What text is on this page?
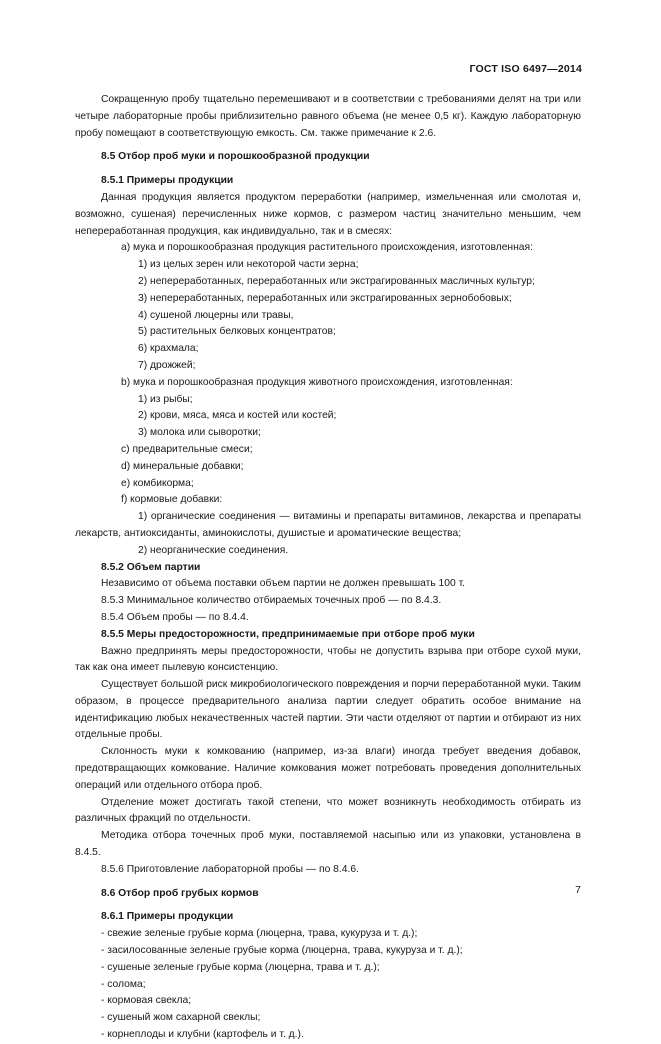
ГОСТ ISO 6497—2014

Сокращенную пробу тщательно перемешивают и в соответствии с требованиями делят на три или четыре лабораторные пробы приблизительно равного объема (не менее 0,5 кг). Каждую лабораторную пробу помещают в соответствующую емкость. См. также примечание к 2.6.

8.5 Отбор проб муки и порошкообразной продукции

8.5.1 Примеры продукции

Данная продукция является продуктом переработки (например, измельченная или смолотая и, возможно, сушеная) перечисленных ниже кормов, с размером частиц значительно меньшим, чем непереработанная продукция, как индивидуально, так и в смесях:

a) мука и порошкообразная продукция растительного происхождения, изготовленная:

1) из целых зерен или некоторой части зерна;

2) непереработанных, переработанных или экстрагированных масличных культур;

3) непереработанных, переработанных или экстрагированных зернобобовых;

4) сушеной люцерны или травы,

5) растительных белковых концентратов;

6) крахмала;

7) дрожжей;

b) мука и порошкообразная продукция животного происхождения, изготовленная:

1) из рыбы;

2) крови, мяса, мяса и костей или костей;

3) молока или сыворотки;

c) предварительные смеси;

d) минеральные добавки;

e) комбикорма;

f) кормовые добавки:

1) органические соединения — витамины и препараты витаминов, лекарства и препараты лекарств, антиоксиданты, аминокислоты, душистые и ароматические вещества;

2) неорганические соединения.

8.5.2 Объем партии

Независимо от объема поставки объем партии не должен превышать 100 т.

8.5.3 Минимальное количество отбираемых точечных проб — по 8.4.3.

8.5.4 Объем пробы — по 8.4.4.

8.5.5 Меры предосторожности, предпринимаемые при отборе проб муки

Важно предпринять меры предосторожности, чтобы не допустить взрыва при отборе сухой муки, так как она имеет пылевую консистенцию.

Существует большой риск микробиологического повреждения и порчи переработанной муки. Таким образом, в процессе предварительного анализа партии следует обратить особое внимание на идентификацию любых некачественных частей партии. Эти части отделяют от партии и отбирают из них отдельные пробы.

Склонность муки к комкованию (например, из-за влаги) иногда требует введения добавок, предотвращающих комкование. Наличие комкования может потребовать проведения дополнительных операций или отдельного отбора проб.

Отделение может достигать такой степени, что может возникнуть необходимость отбирать из различных фракций по отдельности.

Методика отбора точечных проб муки, поставляемой насыпью или из упаковки, установлена в 8.4.5.

8.5.6 Приготовление лабораторной пробы — по 8.4.6.

8.6 Отбор проб грубых кормов

8.6.1 Примеры продукции

- свежие зеленые грубые корма (люцерна, трава, кукуруза и т. д.);

- засилосованные зеленые грубые корма (люцерна, трава, кукуруза и т. д.);

- сушеные зеленые грубые корма (люцерна, трава и т. д.);

- солома;

- кормовая свекла;

- сушеный жом сахарной свеклы;

- корнеплоды и клубни (картофель и т. д.).

7
